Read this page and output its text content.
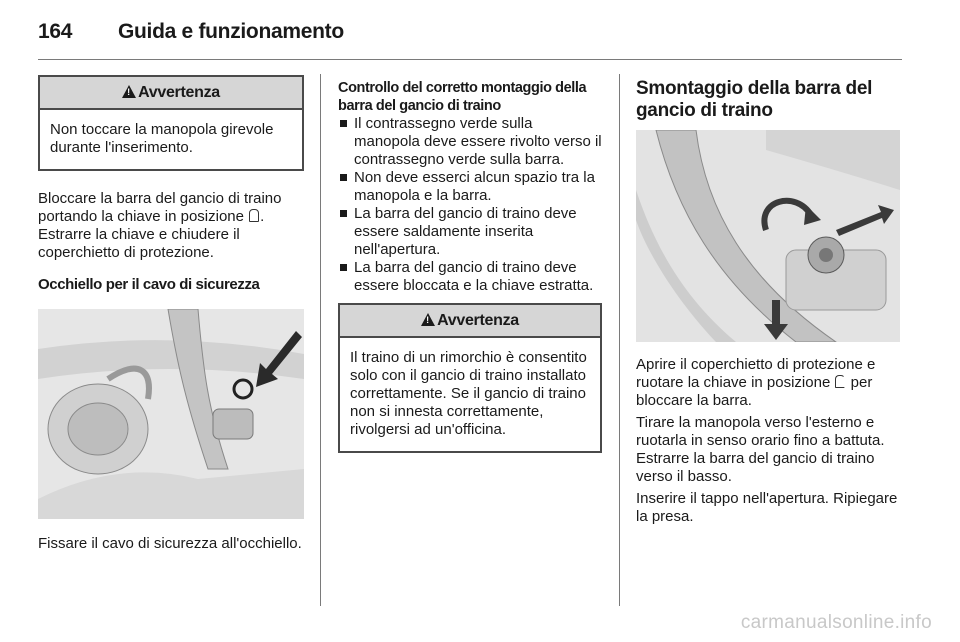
164 Guida e funzionamento
!Avvertenza
Non toccare la manopola girevole durante l'inserimento.

Bloccare la barra del gancio di traino portando la chiave in posizione . Estrarre la chiave e chiudere il coperchietto di protezione.

Occhiello per il cavo di sicurezza

Fissare il cavo di sicurezza all'occhiello.

Controllo del corretto montaggio della barra del gancio di traino

Il contrassegno verde sulla manopola deve essere rivolto verso il contrassegno verde sulla barra.
Non deve esserci alcun spazio tra la manopola e la barra.
La barra del gancio di traino deve essere saldamente inserita nell'apertura.
La barra del gancio di traino deve essere bloccata e la chiave estratta.
!Avvertenza
Il traino di un rimorchio è consentito solo con il gancio di traino installato correttamente. Se il gancio di traino non si innesta correttamente, rivolgersi ad un'officina.

Smontaggio della barra del gancio di traino

Aprire il coperchietto di protezione e ruotare la chiave in posizione per bloccare la barra.

Tirare la manopola verso l'esterno e ruotarla in senso orario fino a battuta. Estrarre la barra del gancio di traino verso il basso.

Inserire il tappo nell'apertura. Ripiegare la presa.

carmanualsonline.info
